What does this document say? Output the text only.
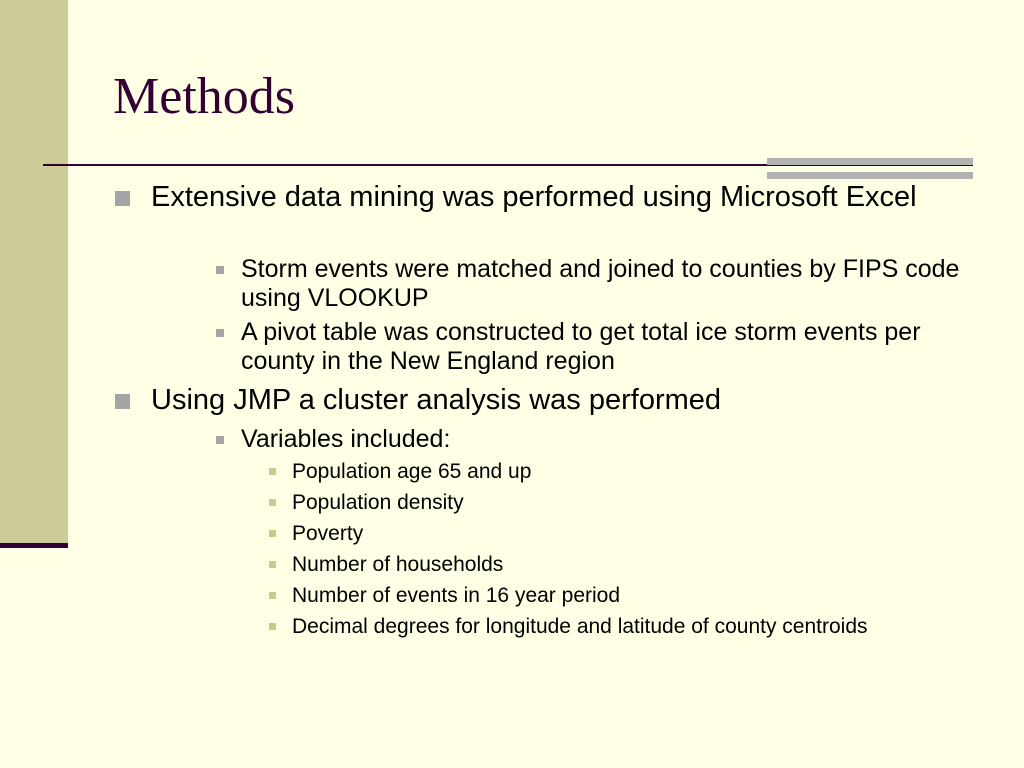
Methods
Extensive data mining was performed using Microsoft Excel
Storm events were matched and joined to counties by FIPS code using VLOOKUP
A pivot table was constructed to get total ice storm events per county in the New England region
Using JMP a cluster analysis was performed
Variables included:
Population age 65 and up
Population density
Poverty
Number of households
Number of events in 16 year period
Decimal degrees for longitude and latitude of county centroids
